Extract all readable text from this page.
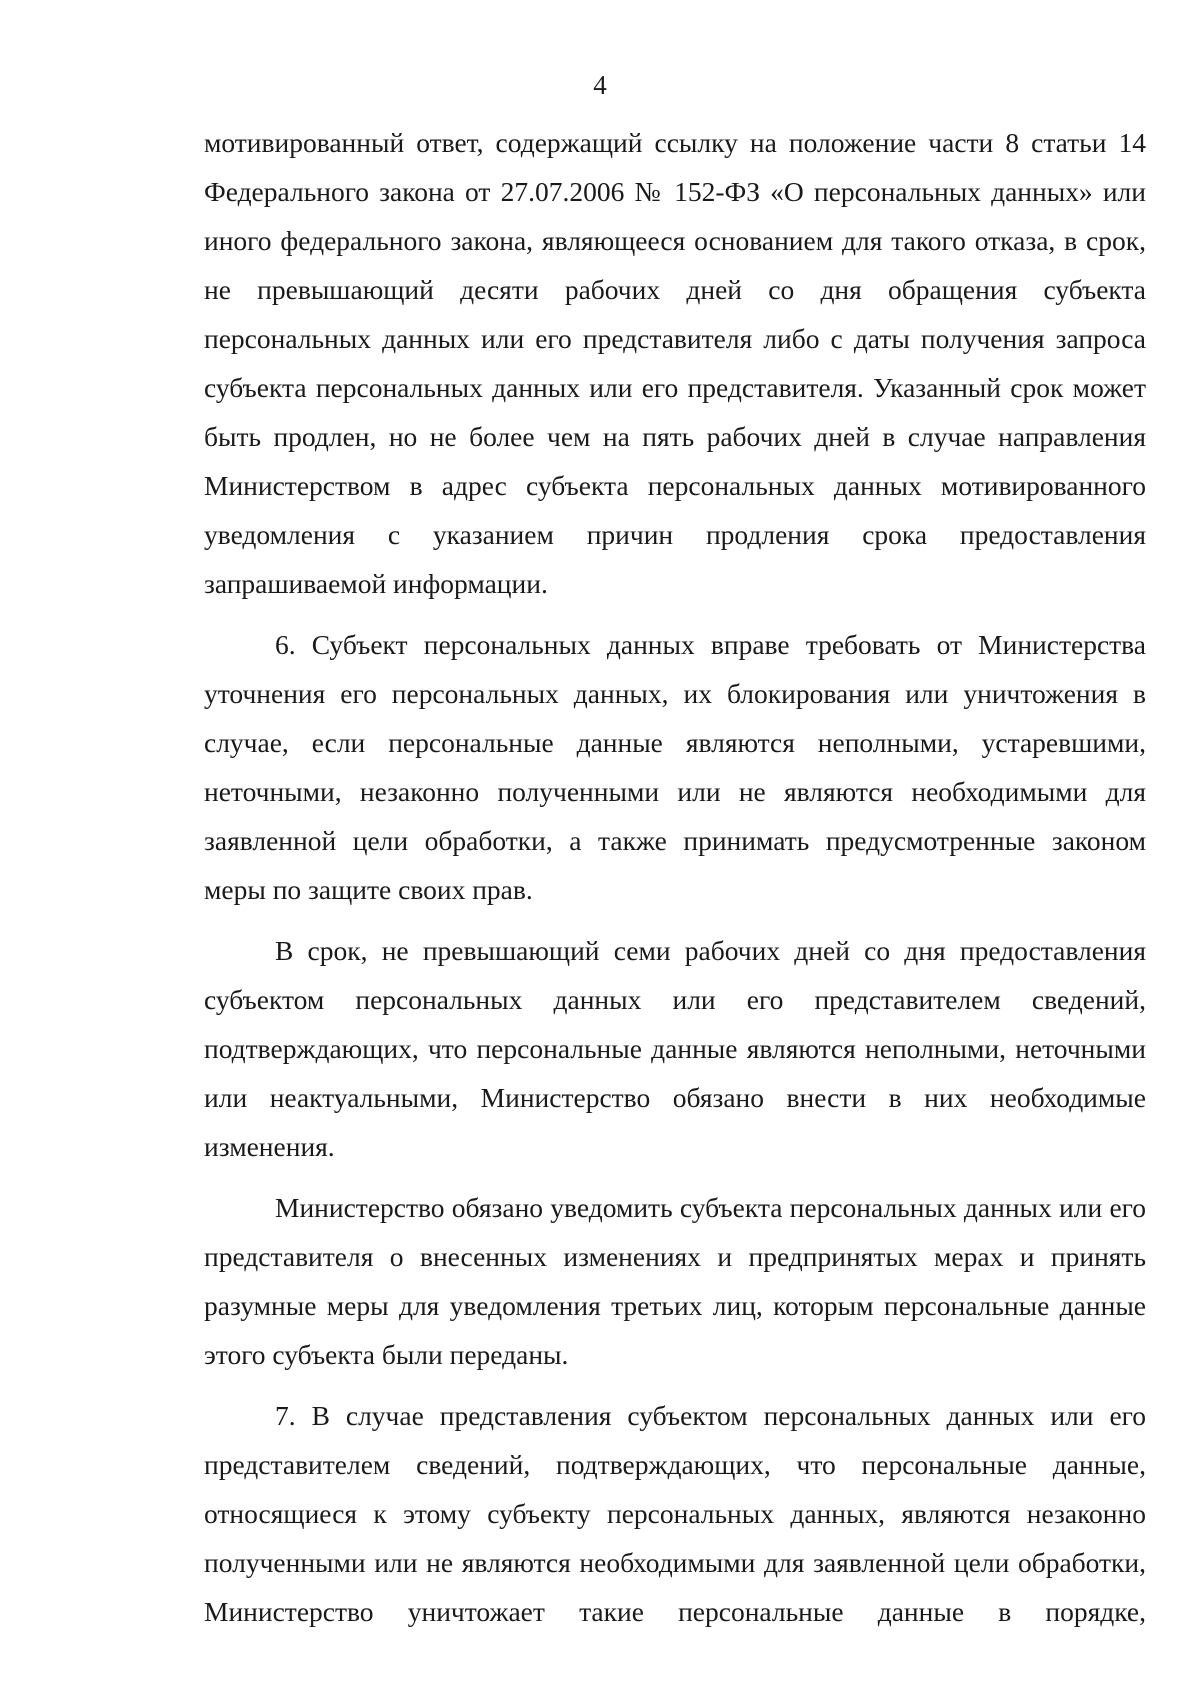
4

мотивированный ответ, содержащий ссылку на положение части 8 статьи 14 Федерального закона от 27.07.2006 № 152-ФЗ «О персональных данных» или иного федерального закона, являющееся основанием для такого отказа, в срок, не превышающий десяти рабочих дней со дня обращения субъекта персональных данных или его представителя либо с даты получения запроса субъекта персональных данных или его представителя. Указанный срок может быть продлен, но не более чем на пять рабочих дней в случае направления Министерством в адрес субъекта персональных данных мотивированного уведомления с указанием причин продления срока предоставления запрашиваемой информации.

6. Субъект персональных данных вправе требовать от Министерства уточнения его персональных данных, их блокирования или уничтожения в случае, если персональные данные являются неполными, устаревшими, неточными, незаконно полученными или не являются необходимыми для заявленной цели обработки, а также принимать предусмотренные законом меры по защите своих прав.

В срок, не превышающий семи рабочих дней со дня предоставления субъектом персональных данных или его представителем сведений, подтверждающих, что персональные данные являются неполными, неточными или неактуальными, Министерство обязано внести в них необходимые изменения.

Министерство обязано уведомить субъекта персональных данных или его представителя о внесенных изменениях и предпринятых мерах и принять разумные меры для уведомления третьих лиц, которым персональные данные этого субъекта были переданы.

7. В случае представления субъектом персональных данных или его представителем сведений, подтверждающих, что персональные данные, относящиеся к этому субъекту персональных данных, являются незаконно полученными или не являются необходимыми для заявленной цели обработки, Министерство уничтожает такие персональные данные в порядке,
